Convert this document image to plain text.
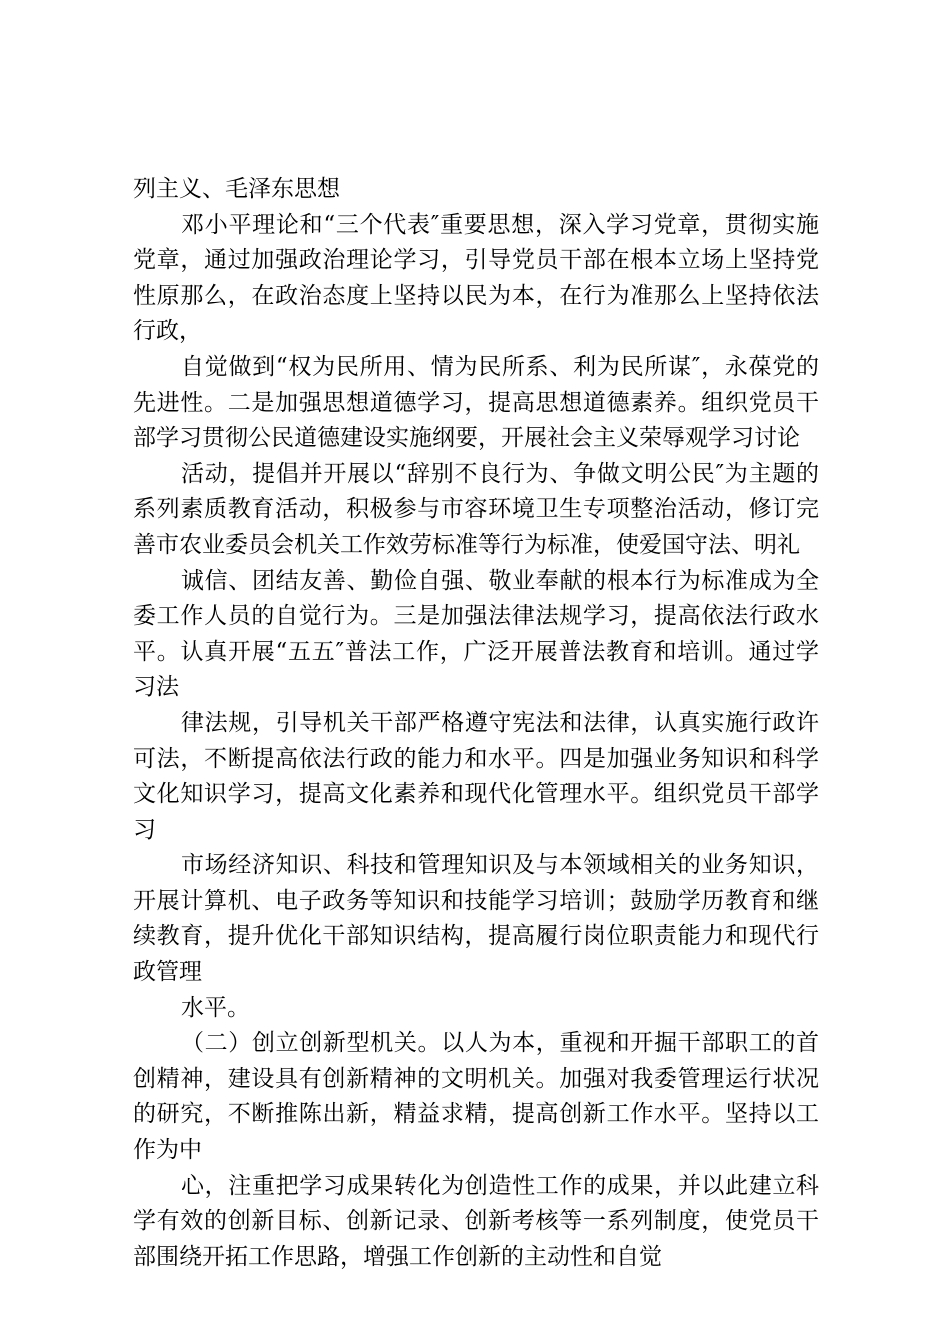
列主义、毛泽东思想

邓小平理论和“三个代表″重要思想，深入学习党章，贯彻实施党章，通过加强政治理论学习，引导党员干部在根本立场上坚持党性原那么，在政治态度上坚持以民为本，在行为准那么上坚持依法行政，

自觉做到“权为民所用、情为民所系、利为民所谋″，永葆党的先进性。二是加强思想道德学习，提高思想道德素养。组织党员干部学习贯彻公民道德建设实施纲要，开展社会主义荣辱观学习讨论

活动，提倡并开展以“辞别不良行为、争做文明公民″为主题的系列素质教育活动，积极参与市容环境卫生专项整治活动，修订完善市农业委员会机关工作效劳标准等行为标准，使爱国守法、明礼

诚信、团结友善、勤俭自强、敬业奉献的根本行为标准成为全委工作人员的自觉行为。三是加强法律法规学习，提高依法行政水平。认真开展“五五″普法工作，广泛开展普法教育和培训。通过学习法

律法规，引导机关干部严格遵守宪法和法律，认真实施行政许可法，不断提高依法行政的能力和水平。四是加强业务知识和科学文化知识学习，提高文化素养和现代化管理水平。组织党员干部学习

市场经济知识、科技和管理知识及与本领域相关的业务知识，开展计算机、电子政务等知识和技能学习培训；鼓励学历教育和继续教育，提升优化干部知识结构，提高履行岗位职责能力和现代行政管理

水平。

（二）创立创新型机关。以人为本，重视和开掘干部职工的首创精神，建设具有创新精神的文明机关。加强对我委管理运行状况的研究，不断推陈出新，精益求精，提高创新工作水平。坚持以工作为中

心，注重把学习成果转化为创造性工作的成果，并以此建立科学有效的创新目标、创新记录、创新考核等一系列制度，使党员干部围绕开拓工作思路，增强工作创新的主动性和自觉
